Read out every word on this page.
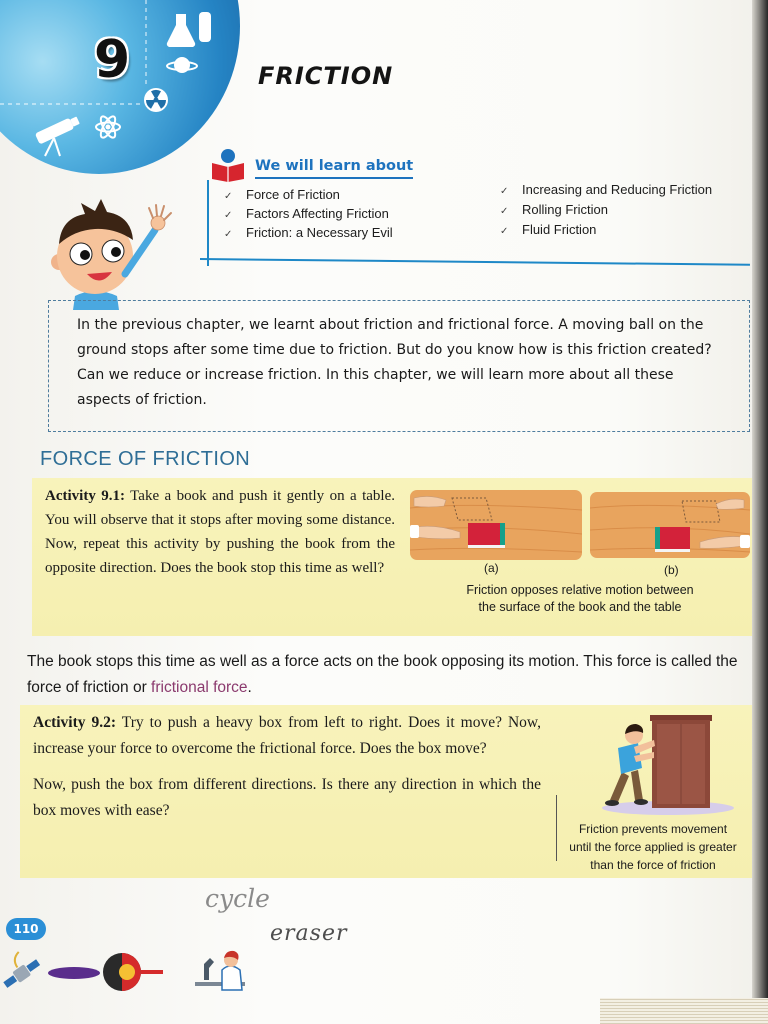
9	FRICTION
We will learn about
✓ Force of Friction
✓ Factors Affecting Friction
✓ Friction: a Necessary Evil
✓ Increasing and Reducing Friction
✓ Rolling Friction
✓ Fluid Friction
In the previous chapter, we learnt about friction and frictional force. A moving ball on the ground stops after some time due to friction. But do you know how is this friction created? Can we reduce or increase friction. In this chapter, we will learn more about all these aspects of friction.
FORCE OF FRICTION
Activity 9.1: Take a book and push it gently on a table. You will observe that it stops after moving some distance. Now, repeat this activity by pushing the book from the opposite direction. Does the book stop this time as well?	(a)	(b)
Friction opposes relative motion between
the surface of the book and the table
The book stops this time as well as a force acts on the book opposing its motion. This force is called the force of friction or frictional force.

Activity 9.2: Try to push a heavy box from left to right. Does it move? Now, increase your force to overcome the frictional force. Does the box move?

Now, push the box from different directions. Is there any direction in which the box moves with ease?

Friction prevents movement
until the force applied is greater
than the force of friction
110
cycle
eraser
